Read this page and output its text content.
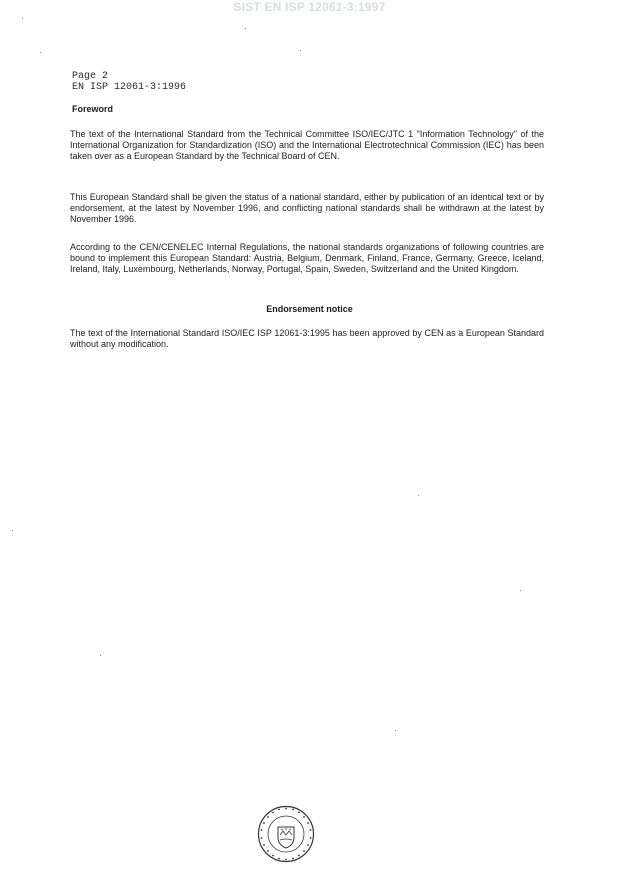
SIST EN ISP 12061-3:1997
Page 2
EN ISP 12061-3:1996
Foreword
The text of the International Standard from the Technical Committee ISO/IEC/JTC 1 "Information Technology" of the International Organization for Standardization (ISO) and the International Electrotechnical Commission (IEC) has been taken over as a European Standard by the Technical Board of CEN.
This European Standard shall be given the status of a national standard, either by publication of an identical text or by endorsement, at the latest by November 1996, and conflicting national standards shall be withdrawn at the latest by November 1996.
According to the CEN/CENELEC Internal Regulations, the national standards organizations of following countries are bound to implement this European Standard: Austria, Belgium, Denmark, Finland, France, Germany, Greece, Iceland, Ireland, Italy, Luxembourg, Netherlands, Norway, Portugal, Spain, Sweden, Switzerland and the United Kingdom.
Endorsement notice
The text of the International Standard ISO/IEC ISP 12061-3:1995 has been approved by CEN as a European Standard without any modification.
